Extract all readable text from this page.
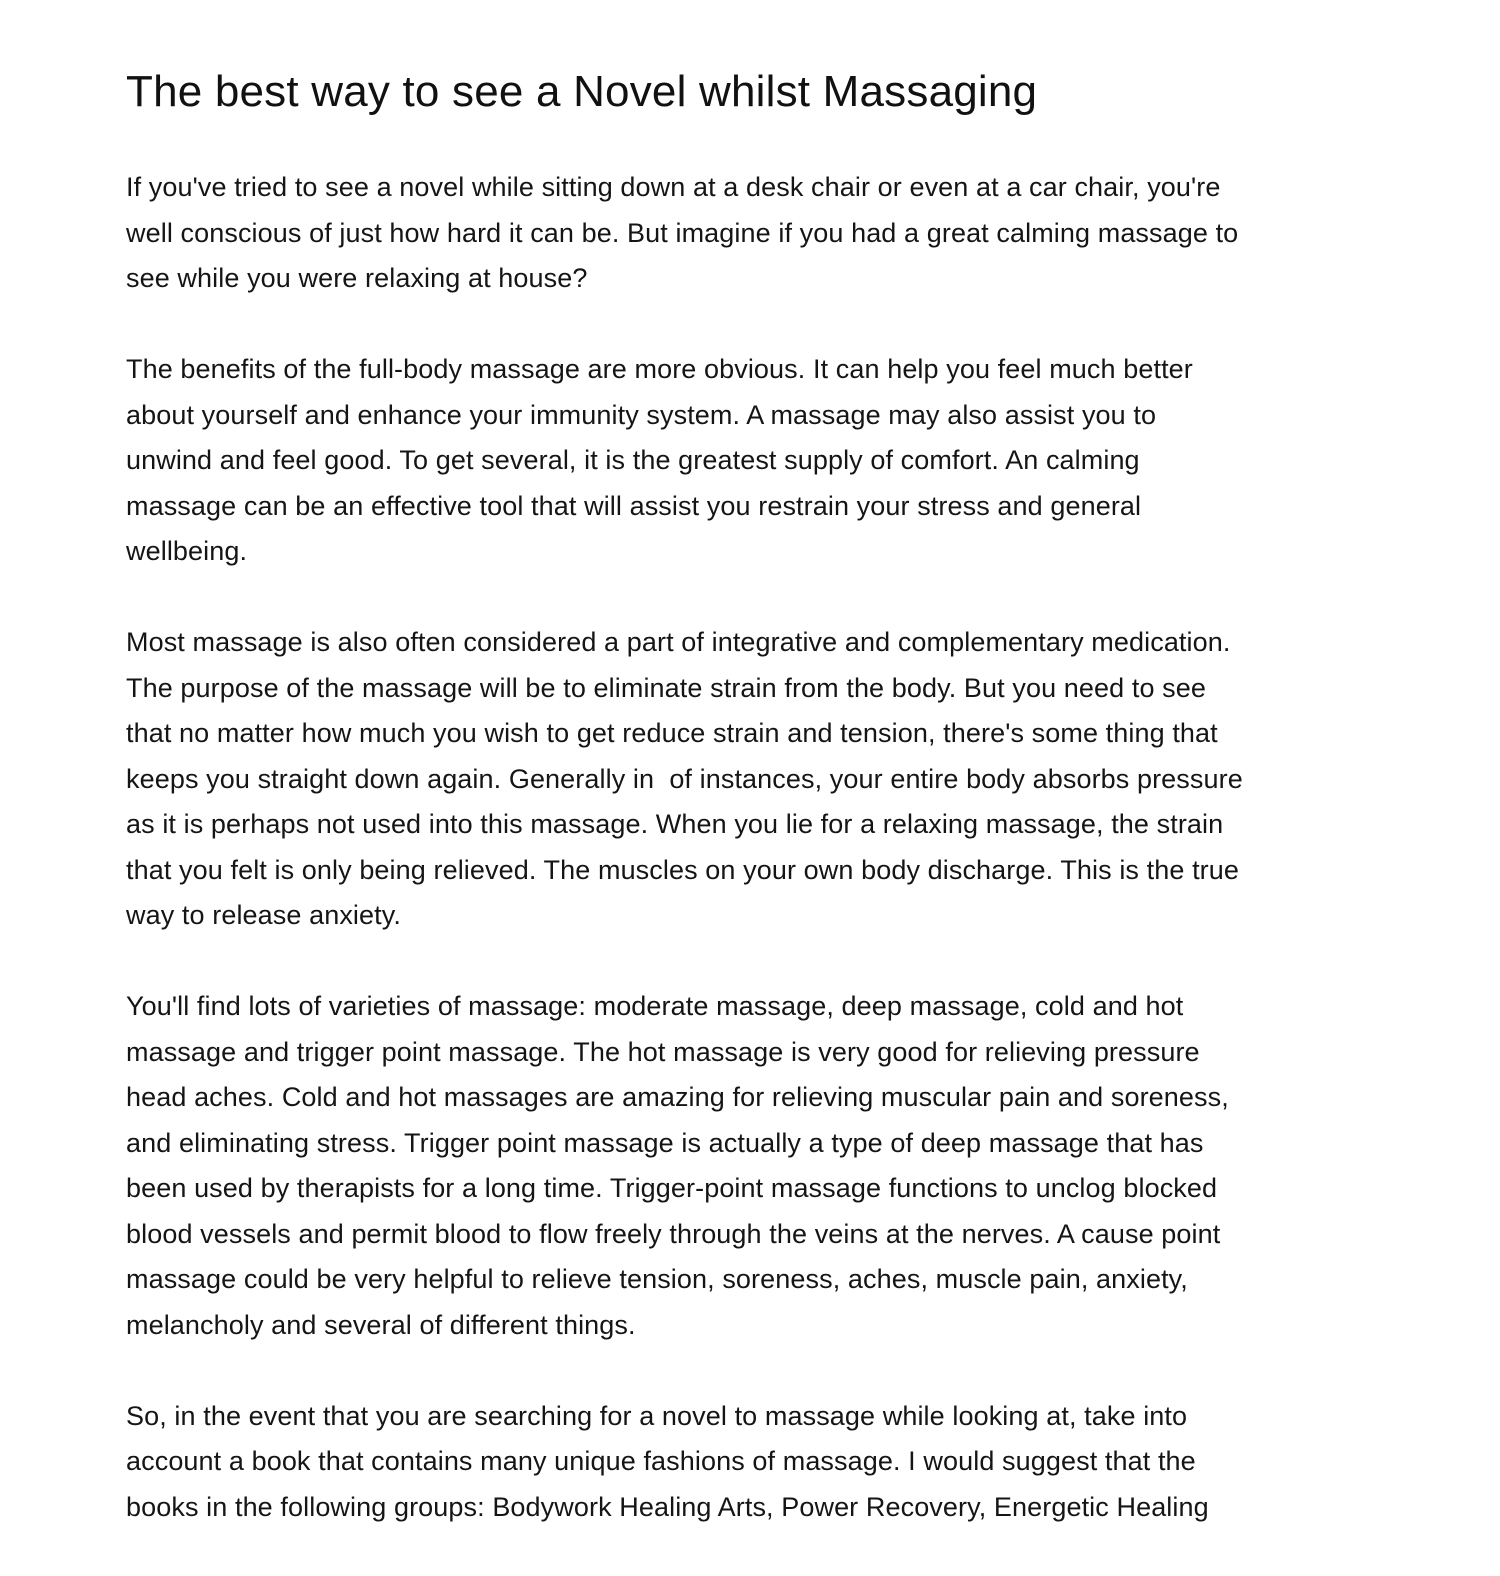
The best way to see a Novel whilst Massaging

If you've tried to see a novel while sitting down at a desk chair or even at a car chair, you're
well conscious of just how hard it can be. But imagine if you had a great calming massage to
see while you were relaxing at house?

The benefits of the full-body massage are more obvious. It can help you feel much better
about yourself and enhance your immunity system. A massage may also assist you to
unwind and feel good. To get several, it is the greatest supply of comfort. An calming
massage can be an effective tool that will assist you restrain your stress and general
wellbeing.

Most massage is also often considered a part of integrative and complementary medication.
The purpose of the massage will be to eliminate strain from the body. But you need to see
that no matter how much you wish to get reduce strain and tension, there's some thing that
keeps you straight down again. Generally in  of instances, your entire body absorbs pressure
as it is perhaps not used into this massage. When you lie for a relaxing massage, the strain
that you felt is only being relieved. The muscles on your own body discharge. This is the true
way to release anxiety.

You'll find lots of varieties of massage: moderate massage, deep massage, cold and hot
massage and trigger point massage. The hot massage is very good for relieving pressure
head aches. Cold and hot massages are amazing for relieving muscular pain and soreness,
and eliminating stress. Trigger point massage is actually a type of deep massage that has
been used by therapists for a long time. Trigger-point massage functions to unclog blocked
blood vessels and permit blood to flow freely through the veins at the nerves. A cause point
massage could be very helpful to relieve tension, soreness, aches, muscle pain, anxiety,
melancholy and several of different things.

So, in the event that you are searching for a novel to massage while looking at, take into
account a book that contains many unique fashions of massage. I would suggest that the
books in the following groups: Bodywork Healing Arts, Power Recovery, Energetic Healing
